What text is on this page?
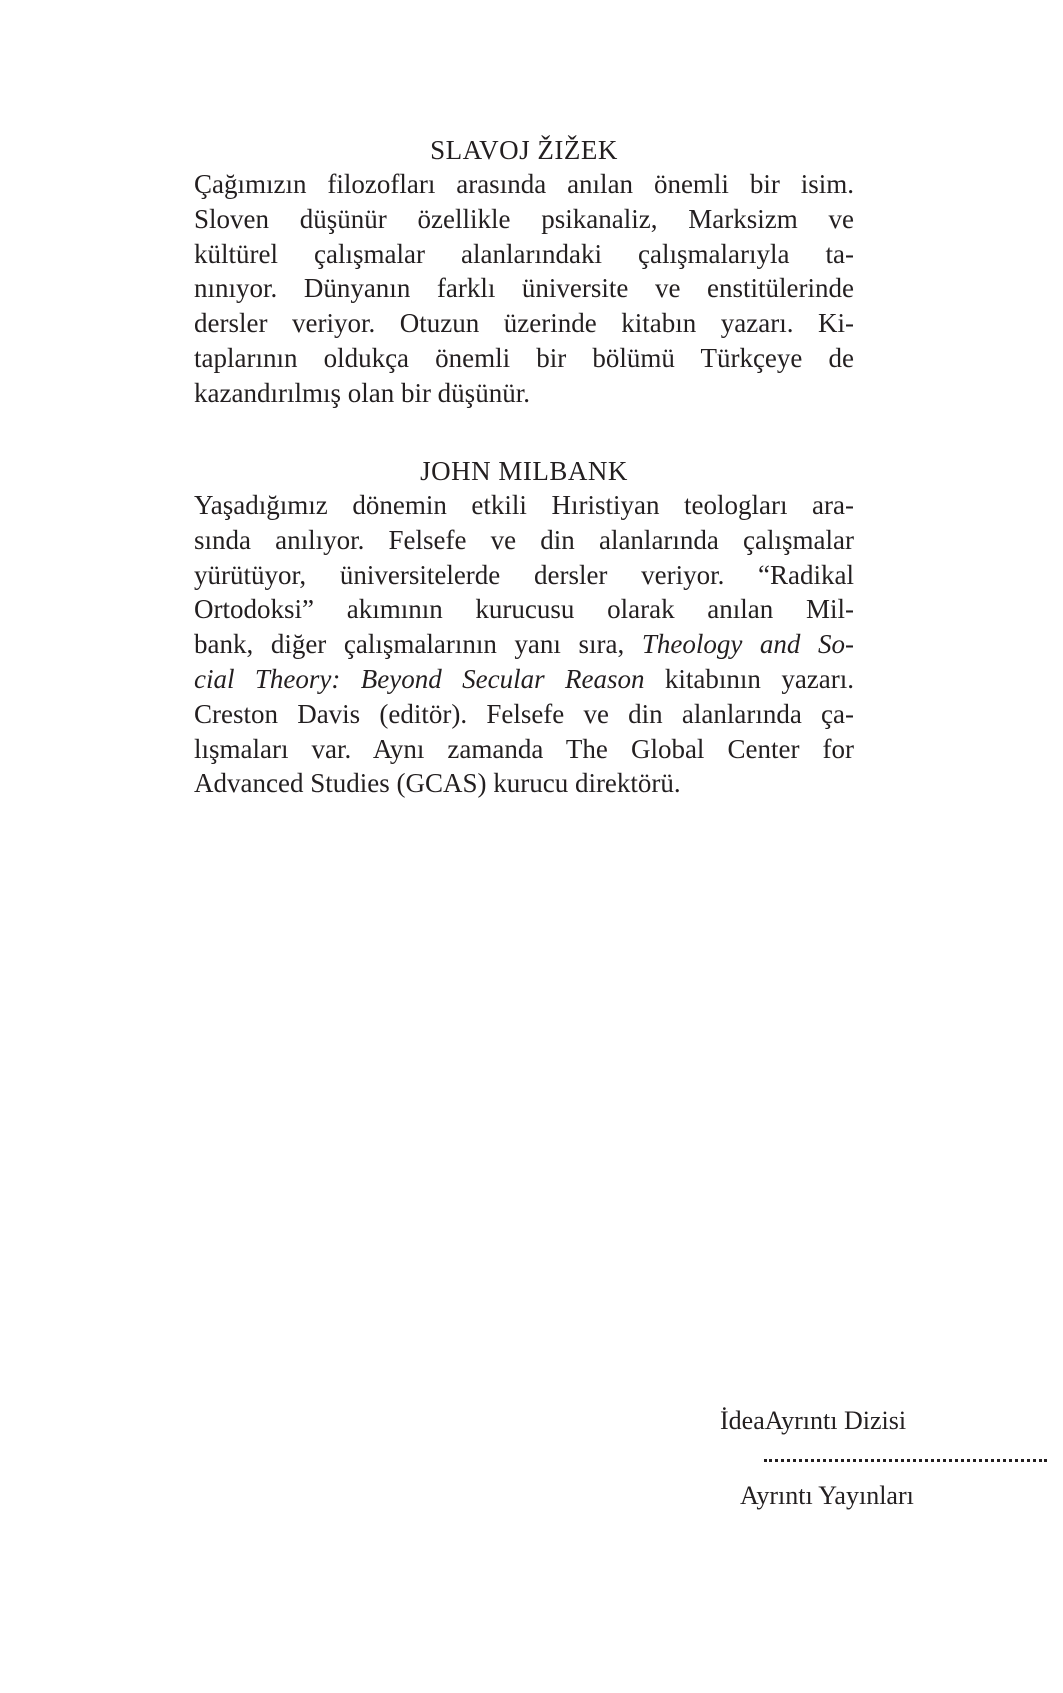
SLAVOJ ŽIŽEK
Çağımızın filozofları arasında anılan önemli bir isim.
Sloven düşünür özellikle psikanaliz, Marksizm ve
kültürel çalışmalar alanlarındaki çalışmalarıyla ta-
nınıyor. Dünyanın farklı üniversite ve enstitülerinde
dersler veriyor. Otuzun üzerinde kitabın yazarı. Ki-
taplarının oldukça önemli bir bölümü Türkçeye de
kazandırılmış olan bir düşünür.
JOHN MILBANK
Yaşadığımız dönemin etkili Hıristiyan teologları ara-
sında anılıyor. Felsefe ve din alanlarında çalışmalar
yürütüyor, üniversitelerde dersler veriyor. “Radikal
Ortodoksi” akımının kurucusu olarak anılan Mil-
bank, diğer çalışmalarının yanı sıra, Theology and So-
cial Theory: Beyond Secular Reason kitabının yazarı.
Creston Davis (editör). Felsefe ve din alanlarında ça-
lışmaları var. Aynı zamanda The Global Center for
Advanced Studies (GCAS) kurucu direktörü.
İdeaAyrıntı Dizisi
Ayrıntı Yayınları
